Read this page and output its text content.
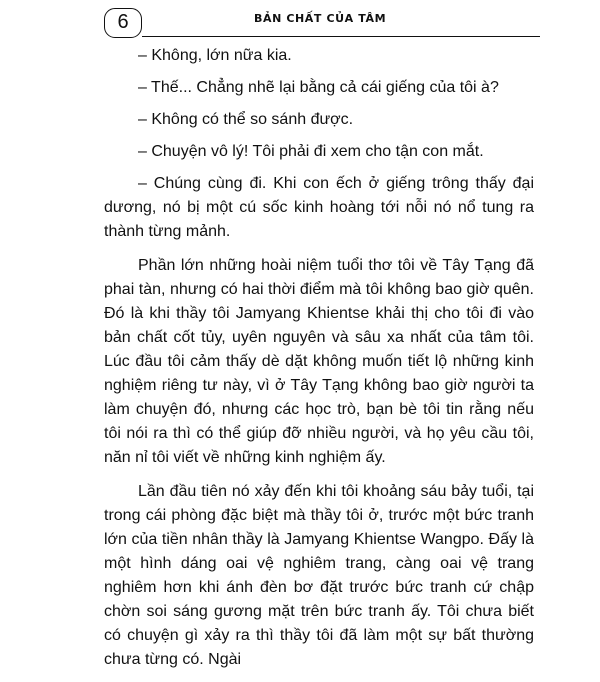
6	BẢN CHẤT CỦA TÂM

– Không, lớn nữa kia.

– Thế... Chẳng nhẽ lại bằng cả cái giếng của tôi à?

– Không có thể so sánh được.

– Chuyện vô lý! Tôi phải đi xem cho tận con mắt.

– Chúng cùng đi. Khi con ếch ở giếng trông thấy đại dương, nó bị một cú sốc kinh hoàng tới nỗi nó nổ tung ra thành từng mảnh.

Phần lớn những hoài niệm tuổi thơ tôi về Tây Tạng đã phai tàn, nhưng có hai thời điểm mà tôi không bao giờ quên. Đó là khi thầy tôi Jamyang Khientse khải thị cho tôi đi vào bản chất cốt tủy, uyên nguyên và sâu xa nhất của tâm tôi. Lúc đầu tôi cảm thấy dè dặt không muốn tiết lộ những kinh nghiệm riêng tư này, vì ở Tây Tạng không bao giờ người ta làm chuyện đó, nhưng các học trò, bạn bè tôi tin rằng nếu tôi nói ra thì có thể giúp đỡ nhiều người, và họ yêu cầu tôi, năn nỉ tôi viết về những kinh nghiệm ấy.

Lần đầu tiên nó xảy đến khi tôi khoảng sáu bảy tuổi, tại trong cái phòng đặc biệt mà thầy tôi ở, trước một bức tranh lớn của tiền nhân thầy là Jamyang Khientse Wangpo. Đấy là một hình dáng oai vệ nghiêm trang, càng oai vệ trang nghiêm hơn khi ánh đèn bơ đặt trước bức tranh cứ chập chờn soi sáng gương mặt trên bức tranh ấy. Tôi chưa biết có chuyện gì xảy ra thì thầy tôi đã làm một sự bất thường chưa từng có. Ngài
